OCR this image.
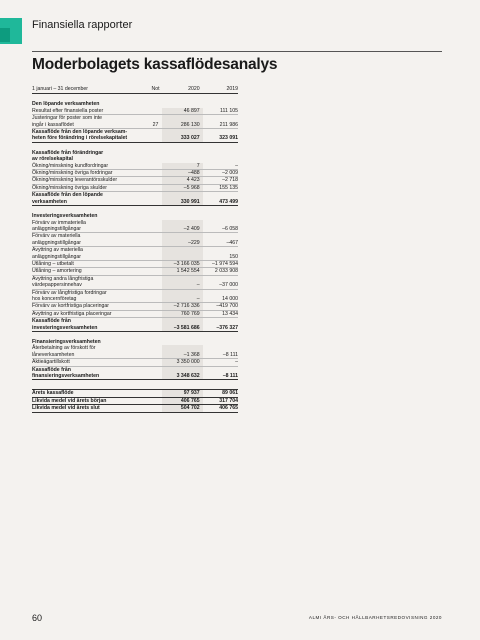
Finansiella rapporter
Moderbolagets kassaflödesanalys
1 januari – 31 december	Not	2020	2019
Den löpande verksamheten			
Resultat efter finansiella poster		46 897	111 105
Justeringar för poster som inte
ingår i kassaflödet	27	286 130	211 986
Kassaflöde från den löpande verksam-
heten före förändring i rörelsekapitalet		333 027	323 091
Kassaflöde från förändringar
av rörelsekapital			
Ökning/minskning kundfordringar		7	–
Ökning/minskning övriga fordringar		–488	–2 009
Ökning/minskning leverantörsskulder		4 423	–2 718
Ökning/minskning övriga skulder		–5 968	155 135
Kassaflöde från den löpande
verksamheten		330 991	473 499
Investeringsverksamheten			
Förvärv av immateriella
anläggningstillgångar		–2 409	–6 058
Förvärv av materiella
anläggningstillgångar		–229	–467
Avyttring av materiella
anläggningstillgångar			150
Utlåning – utbetalt		–3 166 035	–1 974 594
Utlåning – amortering		1 542 554	2 033 908
Avyttring andra långfristiga
värdepappersinnehav		–	–37 000
Förvärv av långfristiga fordringar
hos koncernföretag		–	14 000
Förvärv av kortfristiga placeringar		–2 716 336	–419 700
Avyttring av kortfristiga placeringar		760 769	13 434
Kassaflöde från
investeringsverksamheten		–3 581 686	–376 327
Finansieringsverksamheten			
Återbetalning av förskott för
låneverksamheten		–1 368	–8 111
Aktieägartillskott		3 350 000	–
Kassaflöde från
finansieringsverksamheten		3 348 632	–8 111

Årets kassaflöde		97 937	89 061
Likvida medel vid årets början		406 765	317 704
Likvida medel vid årets slut		504 702	406 765
60	ALMI ÅRS- OCH HÅLLBARHETSREDOVISNING 2020
